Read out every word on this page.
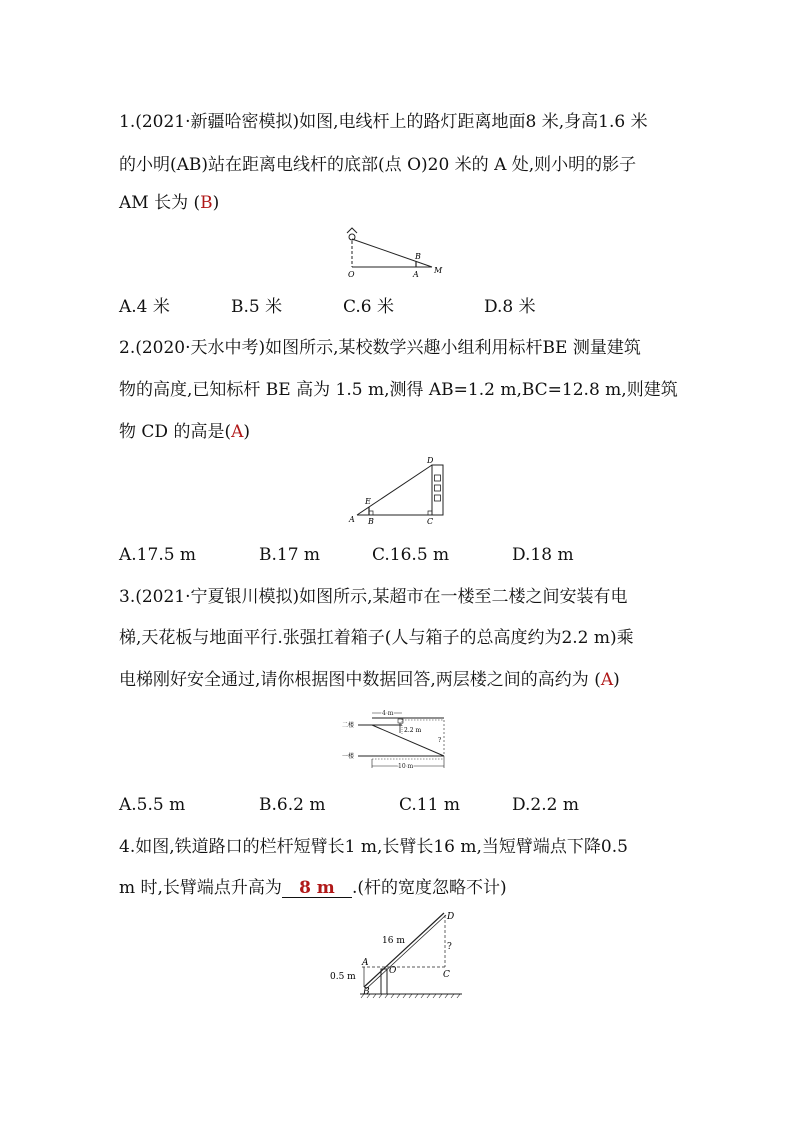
1.(2021·新疆哈密模拟)如图,电线杆上的路灯距离地面8 米,身高1.6 米
的小明(AB)站在距离电线杆的底部(点 O)20 米的 A 处,则小明的影子
AM 长为 (B)
O	A
B
M
A.4 米	B.5 米	C.6 米	D.8 米
2.(2020·天水中考)如图所示,某校数学兴趣小组利用标杆BE 测量建筑
物的高度,已知标杆 BE 高为 1.5 m,测得 AB=1.2 m,BC=12.8 m,则建筑
物 CD 的高是(A)
A B
E
C
D
A.17.5 m	B.17 m	C.16.5 m	D.18 m
3.(2021·宁夏银川模拟)如图所示,某超市在一楼至二楼之间安装有电
梯,天花板与地面平行.张强扛着箱子(人与箱子的总高度约为2.2 m)乘
电梯刚好安全通过,请你根据图中数据回答,两层楼之间的高约为 (A)
二楼
一楼
4 m
2.2 m
10 m
?
A.5.5 m	B.6.2 m	C.11 m	D.2.2 m
4.如图,铁道路口的栏杆短臂长1 m,长臂长16 m,当短臂端点下降0.5
m 时,长臂端点升高为 8 m .(杆的宽度忽略不计)
16 m
0.5 m
A
B
O	C
D
?
